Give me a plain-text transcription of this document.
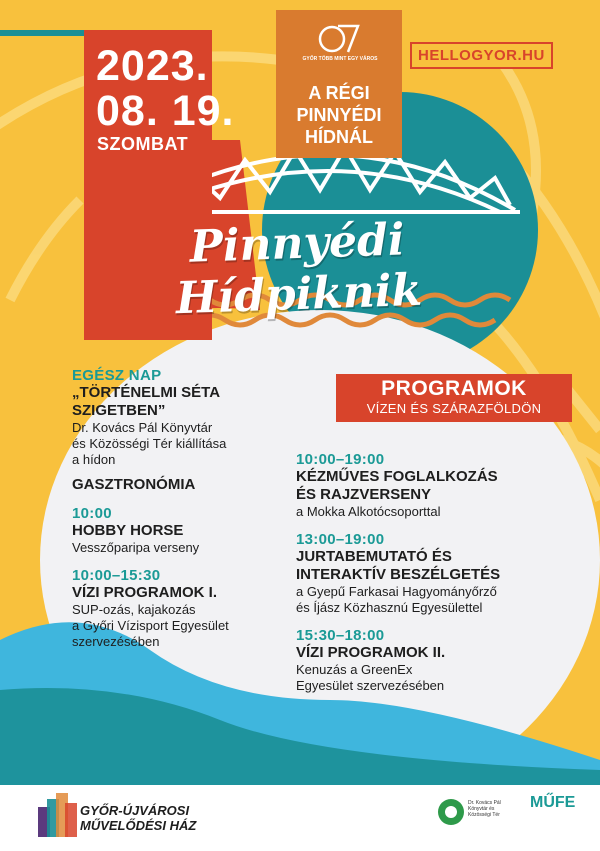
2023.
08. 19.
SZOMBAT
GYŐR TÖBB MINT EGY VÁROS
A RÉGI
PINNYÉDI
HÍDNÁL
HELLOGYOR.HU
Pinnyédi Hídpiknik
PROGRAMOK
VÍZEN ÉS SZÁRAZFÖLDÖN
EGÉSZ NAP
„TÖRTÉNELMI SÉTA
SZIGETBEN”
Dr. Kovács Pál Könyvtár
és Közösségi Tér kiállítása
a hídon
GASZTRONÓMIA
10:00
HOBBY HORSE
Vesszőparipa verseny
10:00–15:30
VÍZI PROGRAMOK I.
SUP-ozás, kajakozás
a Győri Vízisport Egyesület
szervezésében
10:00–19:00
KÉZMŰVES FOGLALKOZÁS
ÉS RAJZVERSENY
a Mokka Alkotócsoporttal
13:00–19:00
JURTABEMUTATÓ ÉS
INTERAKTÍV BESZÉLGETÉS
a Gyepű Farkasai Hagyományőrző
és Íjász Közhasznú Egyesülettel
15:30–18:00
VÍZI PROGRAMOK II.
Kenuzás a GreenEx
Egyesület szervezésében
GYŐR-ÚJVÁROSI
MŰVELŐDÉSI HÁZ
Dr. Kovács Pál
Könyvtár és
Közösségi Tér
MŰFE
